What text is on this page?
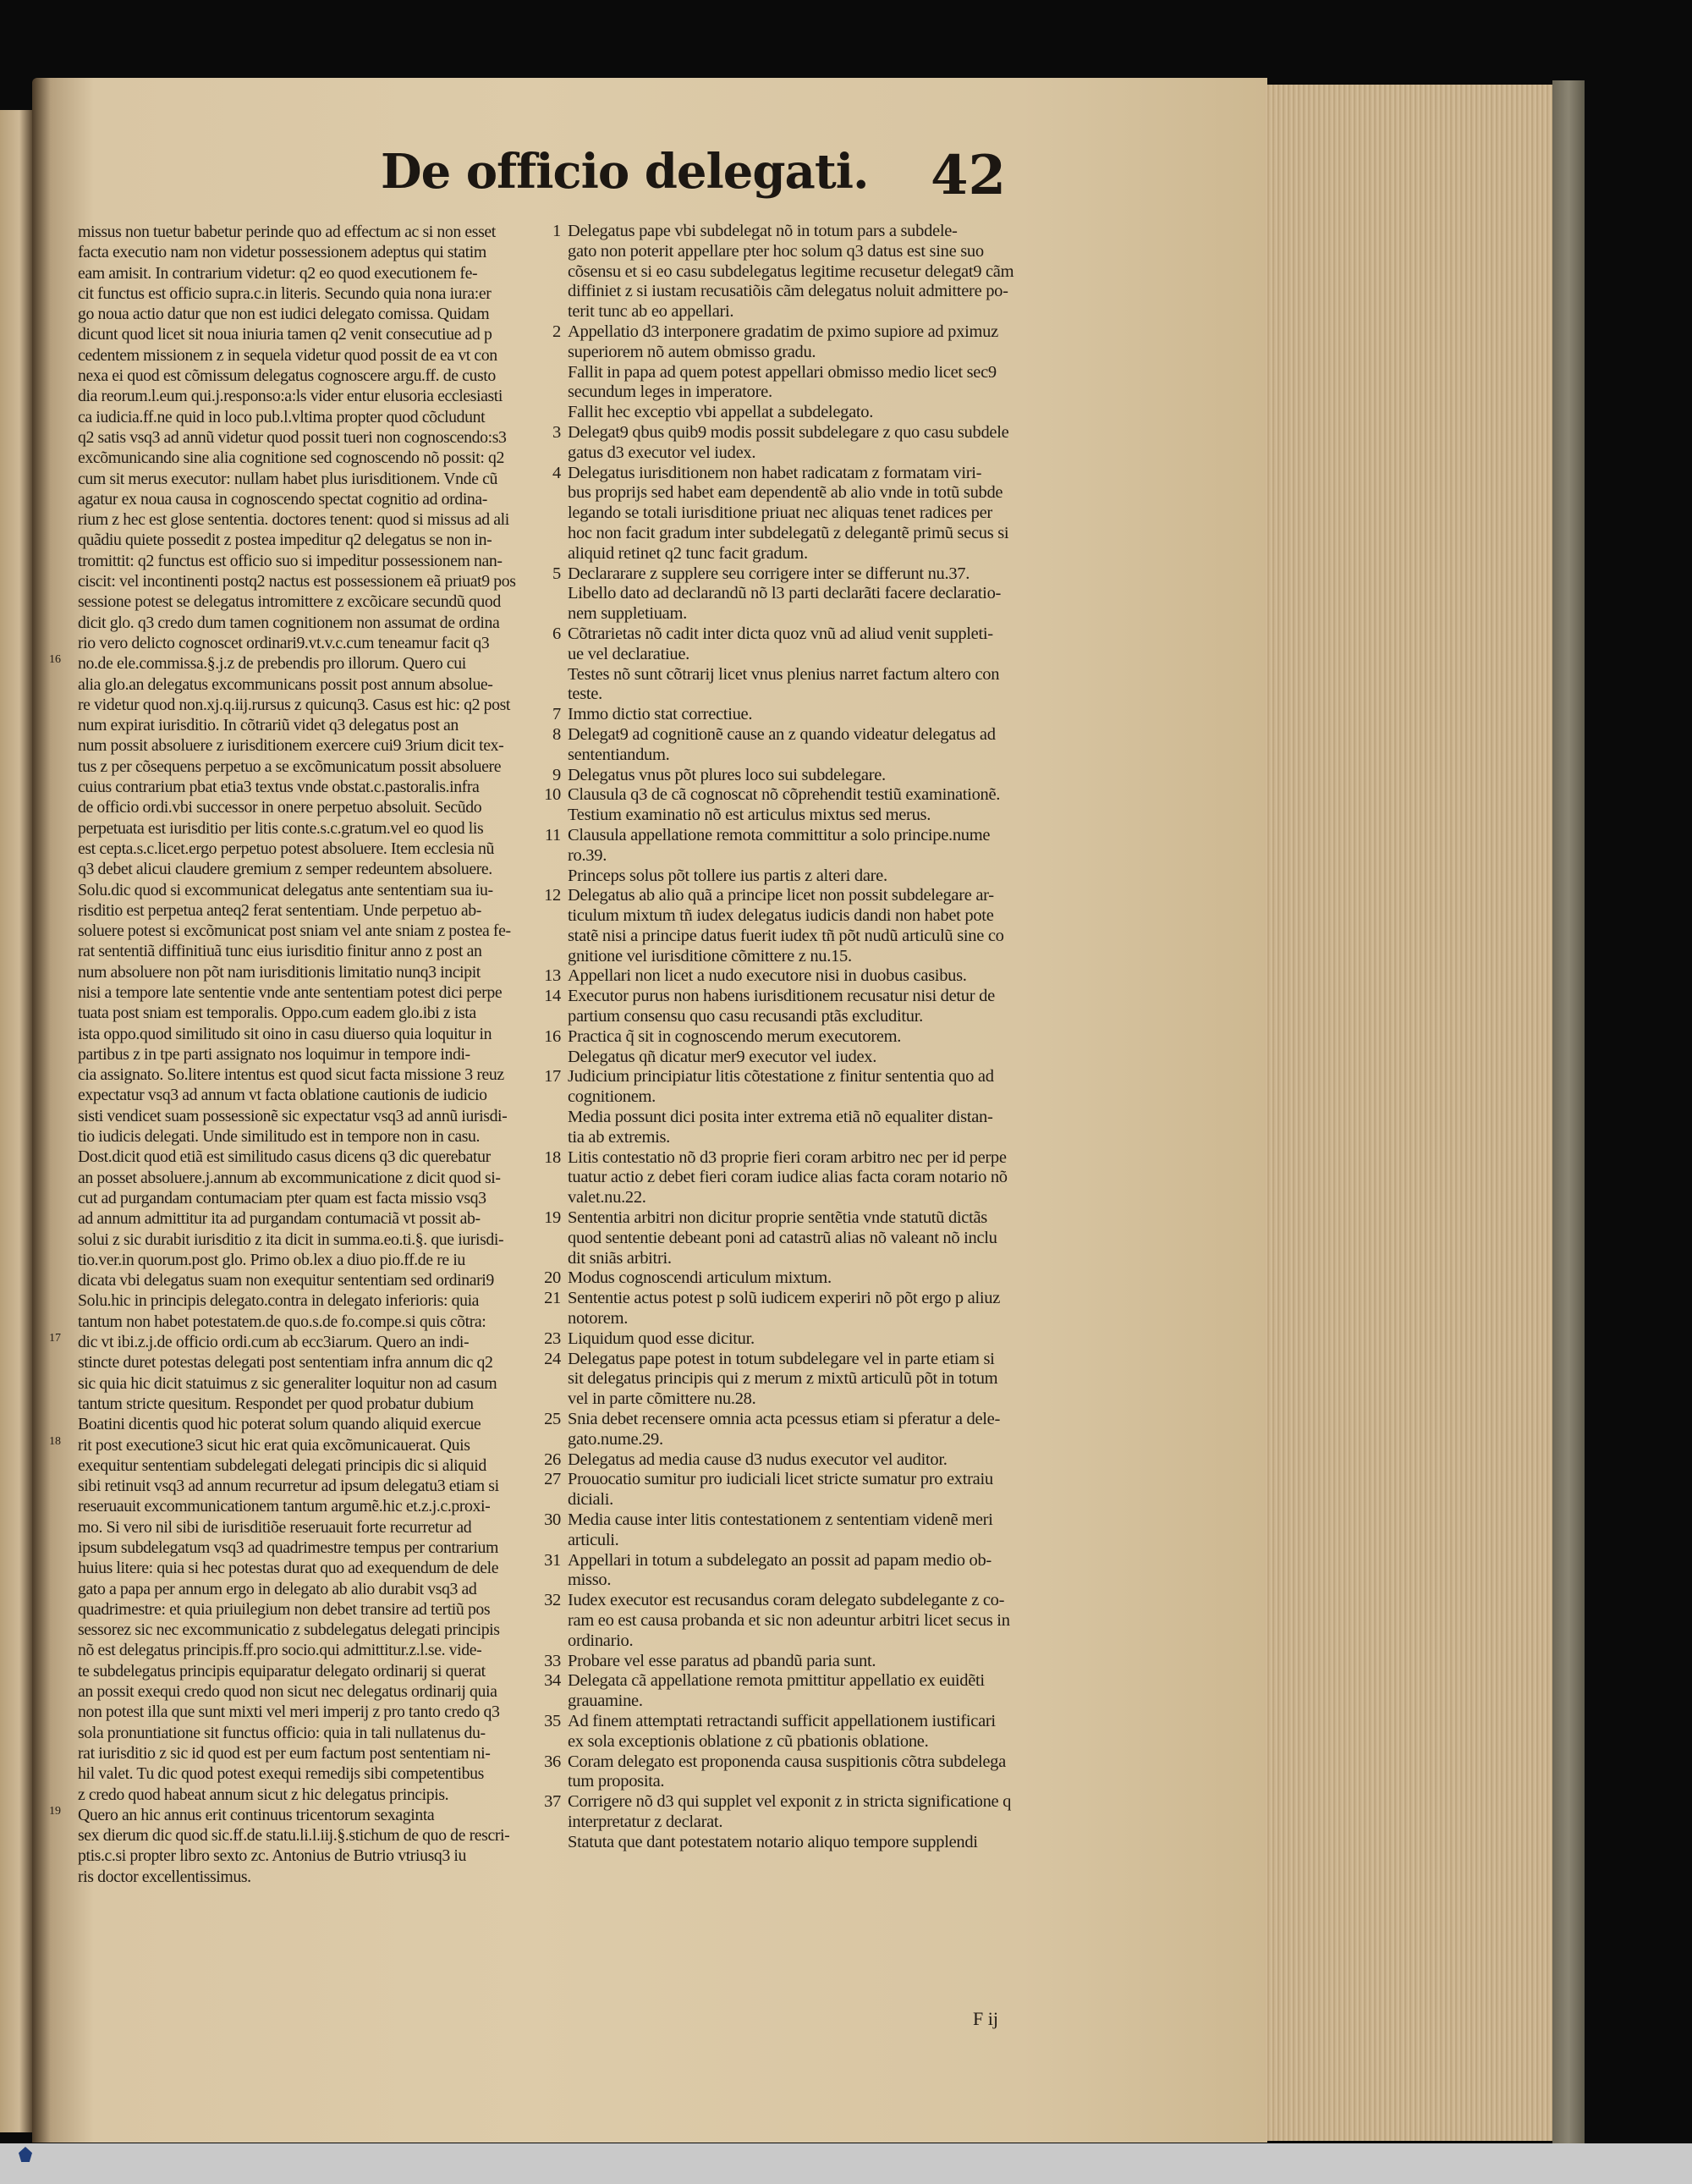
De officio delegati. 42
missus non tuetur babetur perinde quo ad effectum ac si non esset
facta executio nam non videtur possessionem adeptus qui statim
eam amisit. In contrarium videtur: q2 eo quod executionem fe-
cit functus est officio supra.c.in literis. Secundo quia nona iura:er
go noua actio datur que non est iudici delegato comissa. Quidam
dicunt quod licet sit noua iniuria tamen q2 venit consecutiue ad p
cedentem missionem z in sequela videtur quod possit de ea vt con
nexa ei quod est cõmissum delegatus cognoscere argu.ff. de custo
dia reorum.l.eum qui.j.responso:a:ls vider entur elusoria ecclesiasti
ca iudicia.ff.ne quid in loco pub.l.vltima propter quod cõcludunt
q2 satis vsq3 ad annũ videtur quod possit tueri non cognoscendo:s3
excõmunicando sine alia cognitione sed cognoscendo nõ possit: q2
cum sit merus executor: nullam habet plus iurisditionem. Vnde cũ
agatur ex noua causa in cognoscendo spectat cognitio ad ordina-
rium z hec est glose sententia. doctores tenent: quod si missus ad ali
quãdiu quiete possedit z postea impeditur q2 delegatus se non in-
tromittit: q2 functus est officio suo si impeditur possessionem nan-
ciscit: vel incontinenti postq2 nactus est possessionem eã priuat9 pos
sessione potest se delegatus intromittere z excõicare secundũ quod
dicit glo. q3 credo dum tamen cognitionem non assumat de ordina
rio vero delicto cognoscet ordinari9.vt.v.c.cum teneamur facit q3
no.de ele.commissa.§.j.z de prebendis pro illorum. Quero cui
alia glo.an delegatus excommunicans possit post annum absolue-
re videtur quod non.xj.q.iij.rursus z quicunq3. Casus est hic: q2 post
num expirat iurisditio. In cõtrariũ videt q3 delegatus post an
num possit absoluere z iurisditionem exercere cui9 3rium dicit tex-
tus z per cõsequens perpetuo a se excõmunicatum possit absoluere
cuius contrarium pbat etia3 textus vnde obstat.c.pastoralis.infra
de officio ordi.vbi successor in onere perpetuo absoluit. Secũdo
perpetuata est iurisditio per litis conte.s.c.gratum.vel eo quod lis
est cepta.s.c.licet.ergo perpetuo potest absoluere. Item ecclesia nũ
q3 debet alicui claudere gremium z semper redeuntem absoluere.
Solu.dic quod si excommunicat delegatus ante sententiam sua iu-
risditio est perpetua anteq2 ferat sententiam. Unde perpetuo ab-
soluere potest si excõmunicat post sniam vel ante sniam z postea fe-
rat sententiã diffinitiuã tunc eius iurisditio finitur anno z post an
num absoluere non põt nam iurisditionis limitatio nunq3 incipit
nisi a tempore late sententie vnde ante sententiam potest dici perpe
tuata post sniam est temporalis. Oppo.cum eadem glo.ibi z ista
ista oppo.quod similitudo sit oino in casu diuerso quia loquitur in
partibus z in tpe parti assignato nos loquimur in tempore indi-
cia assignato. So.litere intentus est quod sicut facta missione 3 reuz
expectatur vsq3 ad annum vt facta oblatione cautionis de iudicio
sisti vendicet suam possessionẽ sic expectatur vsq3 ad annũ iurisdi-
tio iudicis delegati. Unde similitudo est in tempore non in casu.
Dost.dicit quod etiã est similitudo casus dicens q3 dic querebatur
an posset absoluere.j.annum ab excommunicatione z dicit quod si-
cut ad purgandam contumaciam pter quam est facta missio vsq3
ad annum admittitur ita ad purgandam contumaciã vt possit ab-
solui z sic durabit iurisditio z ita dicit in summa.eo.ti.§. que iurisdi-
tio.ver.in quorum.post glo. Primo ob.lex a diuo pio.ff.de re iu
dicata vbi delegatus suam non exequitur sententiam sed ordinari9
Solu.hic in principis delegato.contra in delegato inferioris: quia
tantum non habet potestatem.de quo.s.de fo.compe.si quis cõtra:
dic vt ibi.z.j.de officio ordi.cum ab ecc3iarum. Quero an indi-
stincte duret potestas delegati post sententiam infra annum dic q2
sic quia hic dicit statuimus z sic generaliter loquitur non ad casum
tantum stricte quesitum. Respondet per quod probatur dubium
Boatini dicentis quod hic poterat solum quando aliquid exercue
rit post executione3 sicut hic erat quia excõmunicauerat. Quis
exequitur sententiam subdelegati delegati principis dic si aliquid
sibi retinuit vsq3 ad annum recurretur ad ipsum delegatu3 etiam si
reseruauit excommunicationem tantum argumẽ.hic et.z.j.c.proxi-
mo. Si vero nil sibi de iurisditiõe reseruauit forte recurretur ad
ipsum subdelegatum vsq3 ad quadrimestre tempus per contrarium
huius litere: quia si hec potestas durat quo ad exequendum de dele
gato a papa per annum ergo in delegato ab alio durabit vsq3 ad
quadrimestre: et quia priuilegium non debet transire ad tertiũ pos
sessorez sic nec excommunicatio z subdelegatus delegati principis
nõ est delegatus principis.ff.pro socio.qui admittitur.z.l.se. vide-
te subdelegatus principis equiparatur delegato ordinarij si querat
an possit exequi credo quod non sicut nec delegatus ordinarij quia
non potest illa que sunt mixti vel meri imperij z pro tanto credo q3
sola pronuntiatione sit functus officio: quia in tali nullatenus du-
rat iurisditio z sic id quod est per eum factum post sententiam ni-
hil valet. Tu dic quod potest exequi remedijs sibi competentibus
z credo quod habeat annum sicut z hic delegatus principis.
Quero an hic annus erit continuus tricentorum sexaginta
sex dierum dic quod sic.ff.de statu.li.l.iij.§.stichum de quo de rescri-
ptis.c.si propter libro sexto zc. Antonius de Butrio vtriusq3 iu
ris doctor excellentissimus.
1 Delegatus pape vbi subdelegat nõ in totum pars a subdele-
gato non poterit appellare pter hoc solum q3 datus est sine suo
cõsensu et si eo casu subdelegatus legitime recusetur delegat9 cãm
diffiniet z si iustam recusatiõis cãm delegatus noluit admittere po-
terit tunc ab eo appellari.
2 Appellatio d3 interponere gradatim de pximo supiore ad pximuz
superiorem nõ autem obmisso gradu.
Fallit in papa ad quem potest appellari obmisso medio licet sec9
secundum leges in imperatore.
Fallit hec exceptio vbi appellat a subdelegato.
3 Delegat9 qbus quib9 modis possit subdelegare z quo casu subdele
gatus d3 executor vel iudex.
4 Delegatus iurisditionem non habet radicatam z formatam viri-
bus proprijs sed habet eam dependentẽ ab alio vnde in totũ subde
legando se totali iurisditione priuat nec aliquas tenet radices per
hoc non facit gradum inter subdelegatũ z delegantẽ primũ secus si
aliquid retinet q2 tunc facit gradum.
5 Declararare z supplere seu corrigere inter se differunt nu.37.
Libello dato ad declarandũ nõ l3 parti declarãti facere declaratio-
nem suppletiuam.
6 Cõtrarietas nõ cadit inter dicta quoz vnũ ad aliud venit suppleti-
ue vel declaratiue.
Testes nõ sunt cõtrarij licet vnus plenius narret factum altero con
teste.
7 Immo dictio stat correctiue.
8 Delegat9 ad cognitionẽ cause an z quando videatur delegatus ad
sententiandum.
9 Delegatus vnus põt plures loco sui subdelegare.
10 Clausula q3 de cã cognoscat nõ cõprehendit testiũ examinationẽ.
Testium examinatio nõ est articulus mixtus sed merus.
11 Clausula appellatione remota committitur a solo principe.nume
ro.39.
Princeps solus põt tollere ius partis z alteri dare.
12 Delegatus ab alio quã a principe licet non possit subdelegare ar-
ticulum mixtum tñ iudex delegatus iudicis dandi non habet pote
statẽ nisi a principe datus fuerit iudex tñ põt nudũ articulũ sine co
gnitione vel iurisditione cõmittere z nu.15.
13 Appellari non licet a nudo executore nisi in duobus casibus.
14 Executor purus non habens iurisditionem recusatur nisi detur de
partium consensu quo casu recusandi ptãs excluditur.
16 Practica q̃ sit in cognoscendo merum executorem.
Delegatus qñ dicatur mer9 executor vel iudex.
17 Judicium principiatur litis cõtestatione z finitur sententia quo ad
cognitionem.
Media possunt dici posita inter extrema etiã nõ equaliter distan-
tia ab extremis.
18 Litis contestatio nõ d3 proprie fieri coram arbitro nec per id perpe
tuatur actio z debet fieri coram iudice alias facta coram notario nõ
valet.nu.22.
19 Sententia arbitri non dicitur proprie sentẽtia vnde statutũ dictãs
quod sententie debeant poni ad catastrũ alias nõ valeant nõ inclu
dit sniãs arbitri.
20 Modus cognoscendi articulum mixtum.
21 Sententie actus potest p solũ iudicem experiri nõ põt ergo p aliuz
notorem.
23 Liquidum quod esse dicitur.
24 Delegatus pape potest in totum subdelegare vel in parte etiam si
sit delegatus principis qui z merum z mixtũ articulũ põt in totum
vel in parte cõmittere nu.28.
25 Snia debet recensere omnia acta pcessus etiam si pferatur a dele-
gato.nume.29.
26 Delegatus ad media cause d3 nudus executor vel auditor.
27 Prouocatio sumitur pro iudiciali licet stricte sumatur pro extraiu
diciali.
30 Media cause inter litis contestationem z sententiam videnẽ meri
articuli.
31 Appellari in totum a subdelegato an possit ad papam medio ob-
misso.
32 Iudex executor est recusandus coram delegato subdelegante z co-
ram eo est causa probanda et sic non adeuntur arbitri licet secus in
ordinario.
33 Probare vel esse paratus ad pbandũ paria sunt.
34 Delegata cã appellatione remota pmittitur appellatio ex euidẽti
grauamine.
35 Ad finem attemptati retractandi sufficit appellationem iustificari
ex sola exceptionis oblatione z cũ pbationis oblatione.
36 Coram delegato est proponenda causa suspitionis cõtra subdelega
tum proposita.
37 Corrigere nõ d3 qui supplet vel exponit z in stricta significatione q
interpretatur z declarat.
Statuta que dant potestatem notario aliquo tempore supplendi
F ij
16
17
18
19
